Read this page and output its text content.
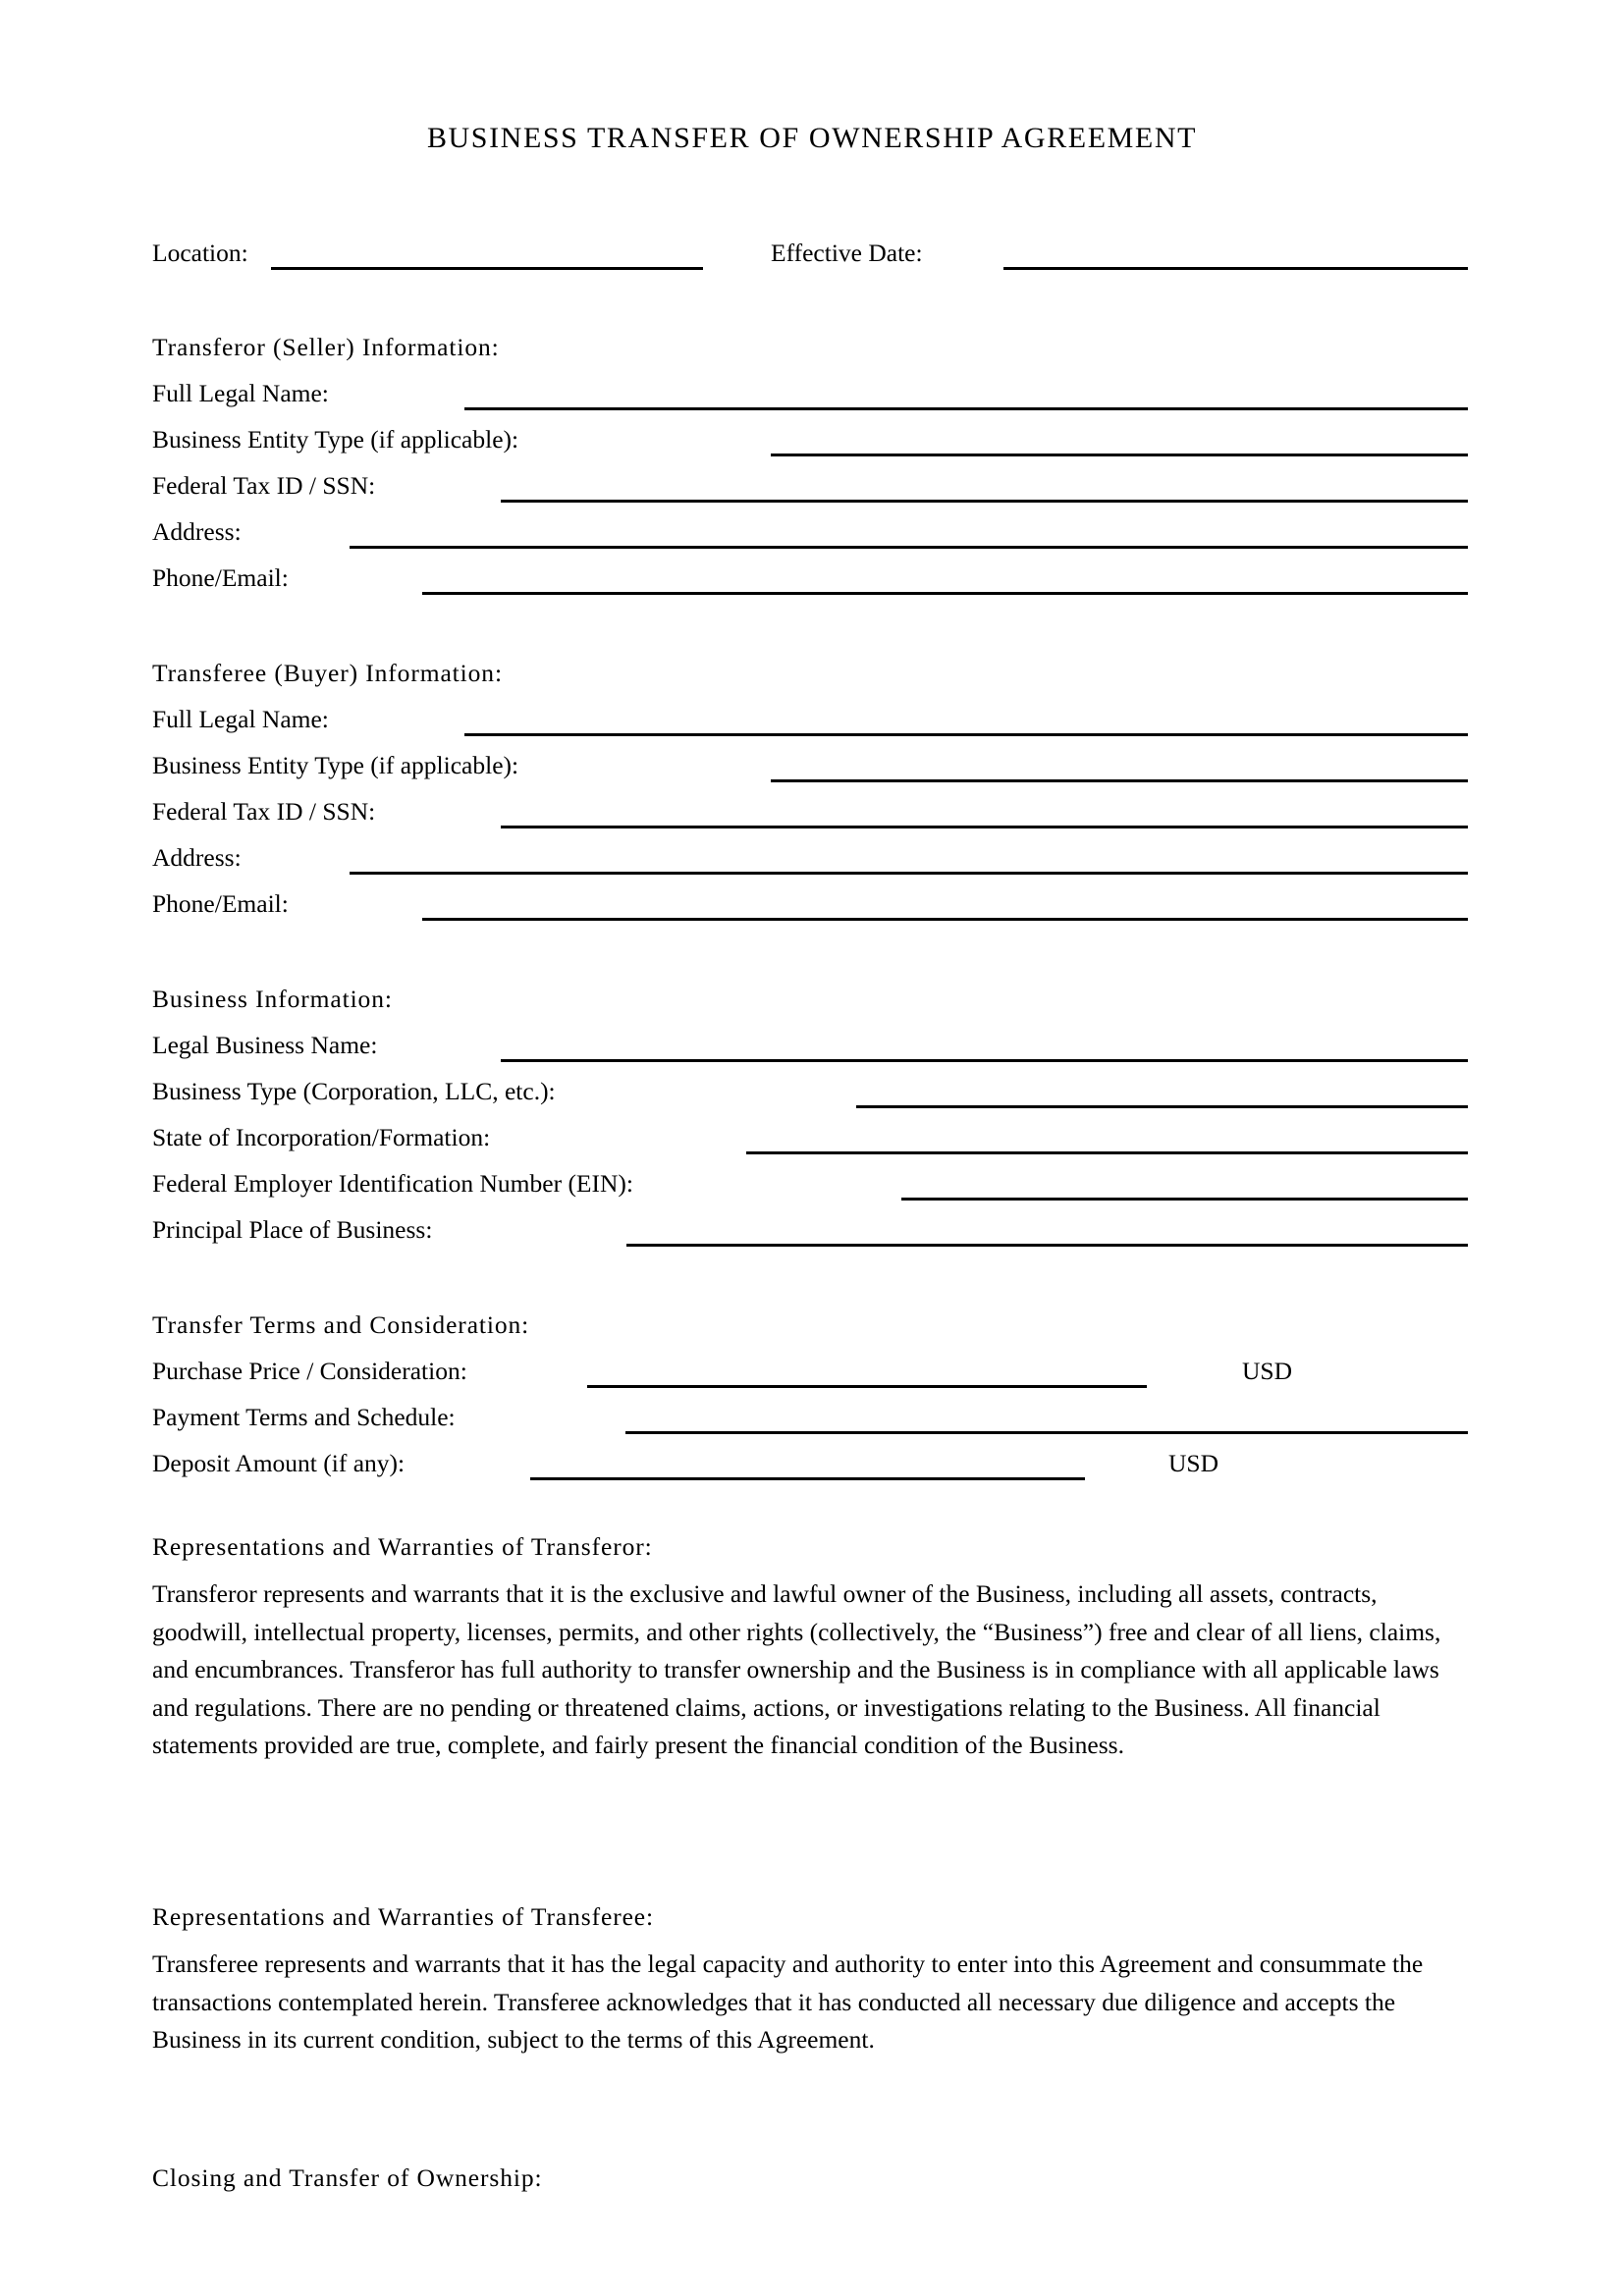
BUSINESS TRANSFER OF OWNERSHIP AGREEMENT
Location:	Effective Date:
Transferor (Seller) Information:
Full Legal Name:
Business Entity Type (if applicable):
Federal Tax ID / SSN:
Address:
Phone/Email:
Transferee (Buyer) Information:
Full Legal Name:
Business Entity Type (if applicable):
Federal Tax ID / SSN:
Address:
Phone/Email:
Business Information:
Legal Business Name:
Business Type (Corporation, LLC, etc.):
State of Incorporation/Formation:
Federal Employer Identification Number (EIN):
Principal Place of Business:
Transfer Terms and Consideration:
Purchase Price / Consideration:	USD
Payment Terms and Schedule:
Deposit Amount (if any):	USD
Representations and Warranties of Transferor:
Transferor represents and warrants that it is the exclusive and lawful owner of the Business, including all assets, contracts, goodwill, intellectual property, licenses, permits, and other rights (collectively, the “Business”) free and clear of all liens, claims, and encumbrances. Transferor has full authority to transfer ownership and the Business is in compliance with all applicable laws and regulations. There are no pending or threatened claims, actions, or investigations relating to the Business. All financial statements provided are true, complete, and fairly present the financial condition of the Business.
Representations and Warranties of Transferee:
Transferee represents and warrants that it has the legal capacity and authority to enter into this Agreement and consummate the transactions contemplated herein. Transferee acknowledges that it has conducted all necessary due diligence and accepts the Business in its current condition, subject to the terms of this Agreement.
Closing and Transfer of Ownership:
